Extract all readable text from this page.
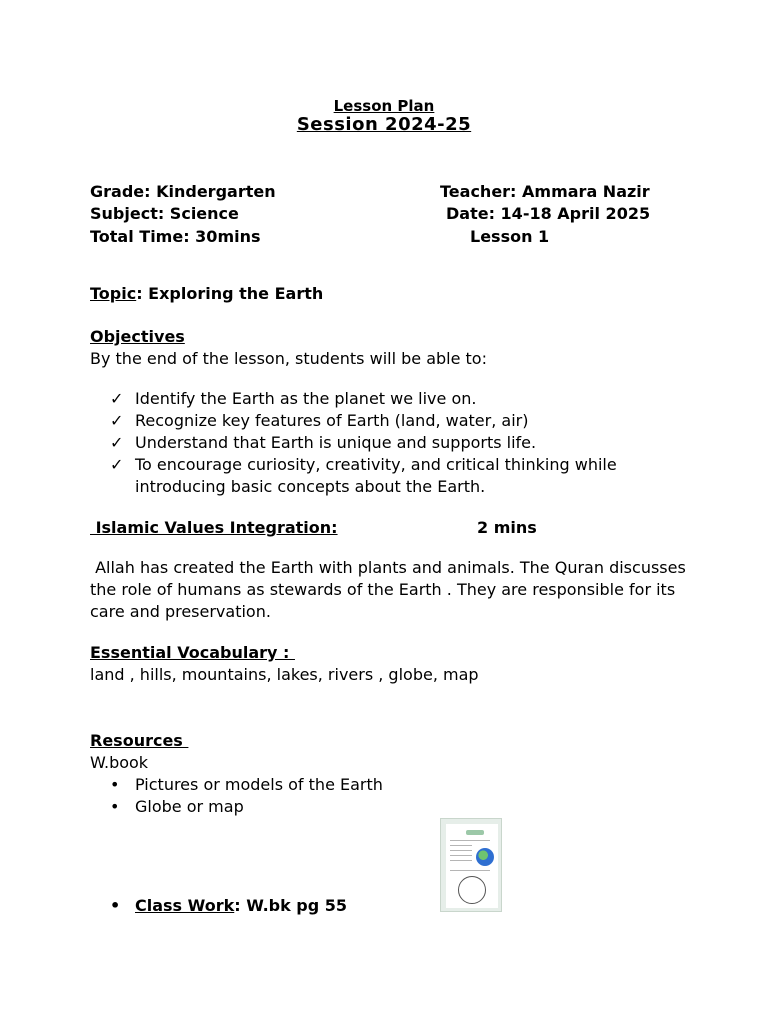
Lesson Plan
Session 2024-25
Grade: Kindergarten	Teacher: Ammara Nazir
Subject: Science	Date: 14-18 April 2025
Total Time: 30mins	Lesson 1
Topic: Exploring the Earth
Objectives
By the end of the lesson, students will be able to:
✓ Identify the Earth as the planet we live on.
✓ Recognize key features of Earth (land, water, air)
✓ Understand that Earth is unique and supports life.
✓ To encourage curiosity, creativity, and critical thinking while introducing basic concepts about the Earth.
Islamic Values Integration:	2 mins
Allah has created the Earth with plants and animals. The Quran discusses the role of humans as stewards of the Earth . They are responsible for its care and preservation.
Essential Vocabulary :
land , hills, mountains, lakes, rivers , globe, map
Resources
W.book
• Pictures or models of the Earth
• Globe or map
• Class Work: W.bk pg 55
